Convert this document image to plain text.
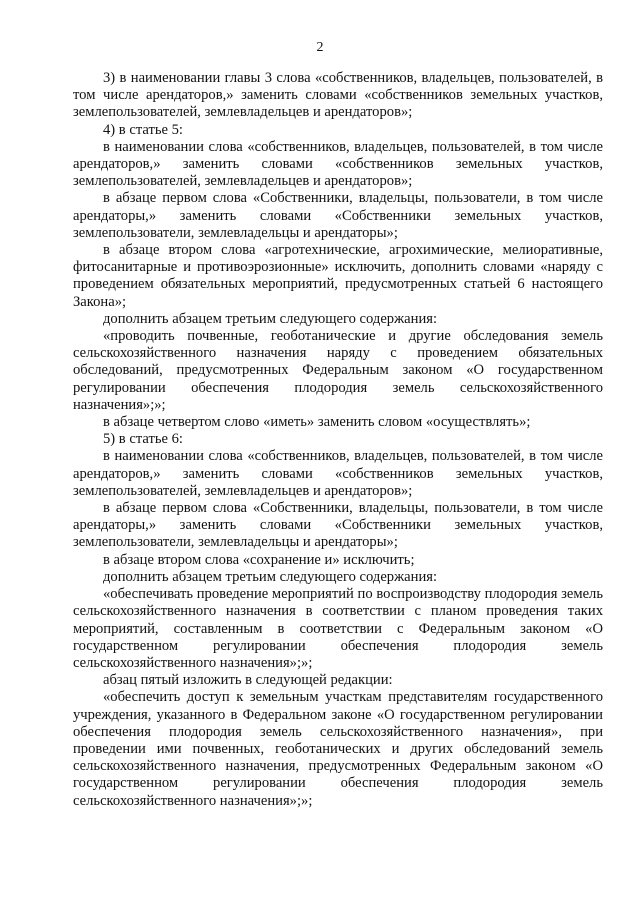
2

3) в наименовании главы 3 слова «собственников, владельцев, пользователей, в том числе арендаторов,» заменить словами «собственников земельных участков, землепользователей, землевладельцев и арендаторов»;

4) в статье 5:

в наименовании слова «собственников, владельцев, пользователей, в том числе арендаторов,» заменить словами «собственников земельных участков, землепользователей, землевладельцев и арендаторов»;

в абзаце первом слова «Собственники, владельцы, пользователи, в том числе арендаторы,» заменить словами «Собственники земельных участков, землепользователи, землевладельцы и арендаторы»;

в абзаце втором слова «агротехнические, агрохимические, мелиоративные, фитосанитарные и противоэрозионные» исключить, дополнить словами «наряду с проведением обязательных мероприятий, предусмотренных статьей 6 настоящего Закона»;

дополнить абзацем третьим следующего содержания:

«проводить почвенные, геоботанические и другие обследования земель сельскохозяйственного назначения наряду с проведением обязательных обследований, предусмотренных Федеральным законом «О государственном регулировании обеспечения плодородия земель сельскохозяйственного назначения»;»;

в абзаце четвертом слово «иметь» заменить словом «осуществлять»;

5) в статье 6:

в наименовании слова «собственников, владельцев, пользователей, в том числе арендаторов,» заменить словами «собственников земельных участков, землепользователей, землевладельцев и арендаторов»;

в абзаце первом слова «Собственники, владельцы, пользователи, в том числе арендаторы,» заменить словами «Собственники земельных участков, землепользователи, землевладельцы и арендаторы»;

в абзаце втором слова «сохранение и» исключить;

дополнить абзацем третьим следующего содержания:

«обеспечивать проведение мероприятий по воспроизводству плодородия земель сельскохозяйственного назначения в соответствии с планом проведения таких мероприятий, составленным в соответствии с Федеральным законом «О государственном регулировании обеспечения плодородия земель сельскохозяйственного назначения»;»;

абзац пятый изложить в следующей редакции:

«обеспечить доступ к земельным участкам представителям государственного учреждения, указанного в Федеральном законе «О государственном регулировании обеспечения плодородия земель сельскохозяйственного назначения», при проведении ими почвенных, геоботанических и других обследований земель сельскохозяйственного назначения, предусмотренных Федеральным законом «О государственном регулировании обеспечения плодородия земель сельскохозяйственного назначения»;»;
